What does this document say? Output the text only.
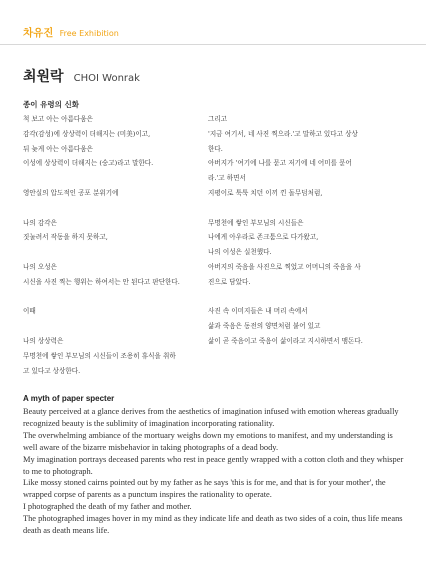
차유진 Free Exhibition
최원락 CHOI Wonrak
종이 유령의 신화
척 보고 아는 아름다움은
감각(감성)에 상상력이 더해지는 (미美)이고,
뒤 늦게 아는 아름다움은
이성에 상상력이 더해지는 (숭고)라고 말한다.
영안실의 압도적인 공포 분위기에
나의 감각은
짓눌려서 작동을 하지 못하고,
나의 오성은
시신을 사진 찍는 행위는 하여서는 안 된다고 판단한다.
이때
나의 상상력은
무명천에 쌓인 부모님의 시신들이 조용히 휴식을 취하
고 있다고 상상한다.
그리고
'지금 여기서, 네 사진 찍으라.'고 말하고 있다고 상상
한다.
아버지가 '여기에 나를 묻고 저기에 네 어미를 묻어
라.'고 하면서
지평이로 툭툭 치던 이끼 낀 돌무덤처럼,
무명천에 쌓인 부모님의 시신들은
나에게 아우라로 존크툼으로 다가왔고,
나의 이성은 실천했다.
아버지의 죽음을 사진으로 찍었고 어머니의 죽음을 사
진으로 담았다.
사진 속 이미지들은 내 머리 속에서
삶과 죽음은 동전의 양면처럼 붙어 있고
삶이 곧 죽음이고 죽음이 삶이라고 지시하면서 맴돈다.
A myth of paper specter

Beauty perceived at a glance derives from the aesthetics of imagination infused with emotion whereas gradually recognized beauty is the sublimity of imagination incorporating rationality.

The overwhelming ambiance of the mortuary weighs down my emotions to manifest, and my understanding is well aware of the bizarre misbehavior in taking photographs of a dead body.

My imagination portrays deceased parents who rest in peace gently wrapped with a cotton cloth and they whisper to me to photograph.

Like mossy stoned cairns pointed out by my father as he says 'this is for me, and that is for your mother', the wrapped corpse of parents as a punctum inspires the rationality to operate.

I photographed the death of my father and mother.

The photographed images hover in my mind as they indicate life and death as two sides of a coin, thus life means death as death means life.
